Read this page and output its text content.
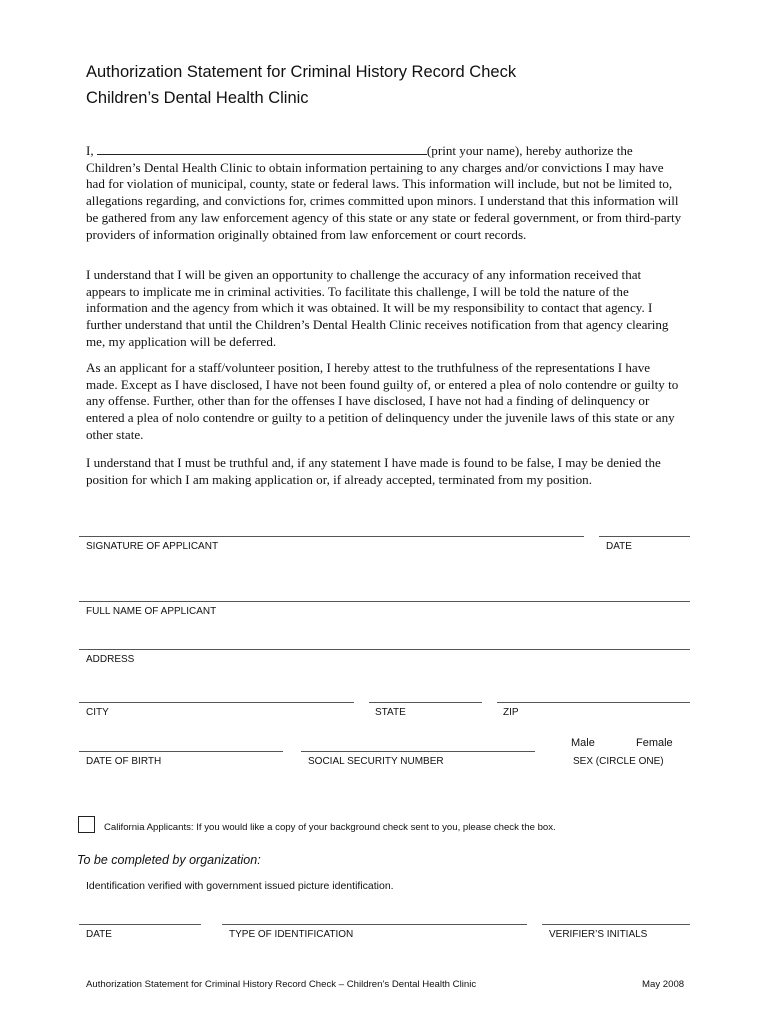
Authorization Statement for Criminal History Record Check
Children’s Dental Health Clinic

I,	(print your name), hereby authorize the Children’s Dental Health Clinic to obtain information pertaining to any charges and/or convictions I may have had for violation of municipal, county, state or federal laws. This information will include, but not be limited to, allegations regarding, and convictions for, crimes committed upon minors. I understand that this information will be gathered from any law enforcement agency of this state or any state or federal government, or from third-party providers of information originally obtained from law enforcement or court records.

I understand that I will be given an opportunity to challenge the accuracy of any information received that appears to implicate me in criminal activities. To facilitate this challenge, I will be told the nature of the information and the agency from which it was obtained. It will be my responsibility to contact that agency. I further understand that until the Children’s Dental Health Clinic receives notification from that agency clearing me, my application will be deferred.

As an applicant for a staff/volunteer position, I hereby attest to the truthfulness of the representations I have made. Except as I have disclosed, I have not been found guilty of, or entered a plea of nolo contendre or guilty to any offense. Further, other than for the offenses I have disclosed, I have not had a finding of delinquency or entered a plea of nolo contendre or guilty to a petition of delinquency under the juvenile laws of this state or any other state.

I understand that I must be truthful and, if any statement I have made is found to be false, I may be denied the position for which I am making application or, if already accepted, terminated from my position.

SIGNATURE OF APPLICANT	DATE
FULL NAME OF APPLICANT
ADDRESS
CITY	STATE	ZIP
Male	Female
DATE OF BIRTH	SOCIAL SECURITY NUMBER	SEX (CIRCLE ONE)
California Applicants: If you would like a copy of your background check sent to you, please check the box.
To be completed by organization:
Identification verified with government issued picture identification.
DATE	TYPE OF IDENTIFICATION	VERIFIER’S INITIALS
Authorization Statement for Criminal History Record Check – Children’s Dental Health Clinic	May 2008
